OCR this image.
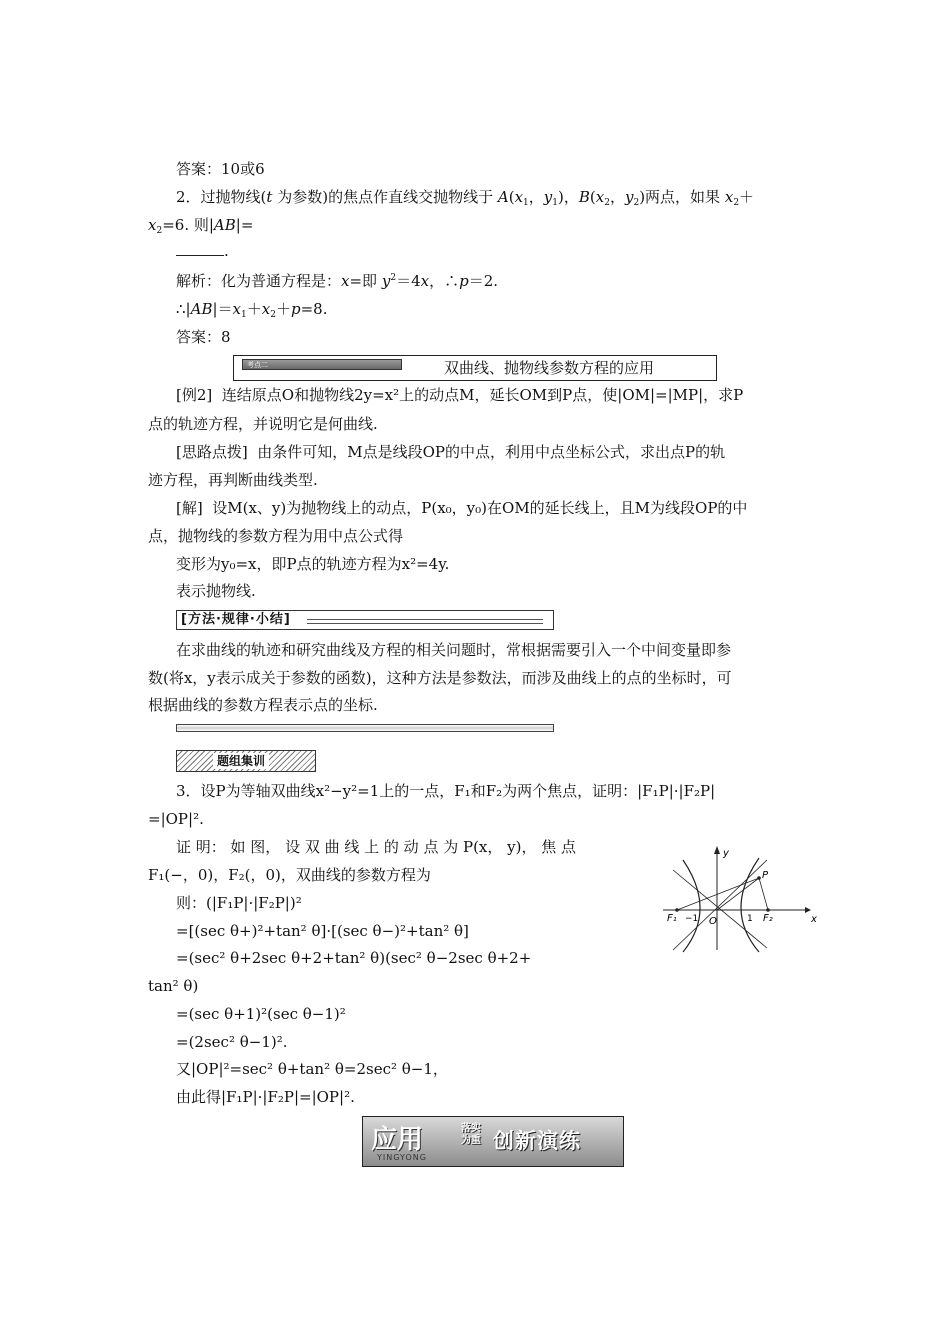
答案：10或6
2．过抛物线(t 为参数)的焦点作直线交抛物线于 $A(x_1$，$y_1$)，$B(x_2$，$y_2$)两点，如果 $x_2+$
$x_2=6$. 则|AB|=
.
解析：化为普通方程是：x=即 $y^2=4x$，∴p＝2.
$\therefore|AB|=x_1+x_2+p=8$.
答案：8
考点二	双曲线、抛物线参数方程的应用
[例2] 连结原点O和抛物线2y=x²上的动点M，延长OM到P点，使|OM|=|MP|，求P
点的轨迹方程，并说明它是何曲线.
[思路点拨] 由条件可知，M点是线段OP的中点，利用中点坐标公式，求出点P的轨
迹方程，再判断曲线类型.
[解] 设M(x、y)为抛物线上的动点，P(x₀，y₀)在OM的延长线上，且M为线段OP的中
点，抛物线的参数方程为用中点公式得
变形为y₀=x，即P点的轨迹方程为x²=4y.
表示抛物线.
[方法·规律·小结]
在求曲线的轨迹和研究曲线及方程的相关问题时，常根据需要引入一个中间变量即参
数(将x，y表示成关于参数的函数)，这种方法是参数法，而涉及曲线上的点的坐标时，可
根据曲线的参数方程表示点的坐标.
题组集训
3．设P为等轴双曲线x²−y²=1上的一点，F₁和F₂为两个焦点，证明：|F₁P|·|F₂P|
=|OP|².
证 明： 如 图， 设 双 曲 线 上 的 动 点 为 P(x， y)， 焦 点
F₁(−，0)，F₂(，0)，双曲线的参数方程为
则：(|F₁P|·|F₂P|)²
=[(sec θ+)²+tan² θ]·[(sec θ−)²+tan² θ]
=(sec² θ+2sec θ+2+tan² θ)(sec² θ−2sec θ+2+
tan² θ)
=(sec θ+1)²(sec θ−1)²
=(2sec² θ−1)².
又|OP|²=sec² θ+tan² θ=2sec² θ−1，
由此得|F₁P|·|F₂P|=|OP|².
y
x
P
F₁	F₂
−1 O	1
应用
YINGYONG
落实 为重 创新演练
